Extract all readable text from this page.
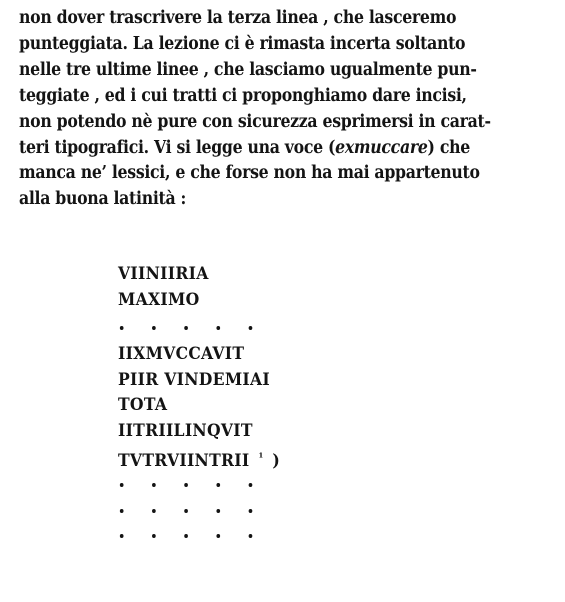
non dover trascrivere la terza linea , che lasceremo
punteggiata. La lezione ci è rimasta incerta soltanto
nelle tre ultime linee , che lasciamo ugualmente pun-
teggiate , ed i cui tratti ci proponghiamo dare incisi,
non potendo nè pure con sicurezza esprimersi in carat-
teri tipografici. Vi si legge una voce (exmuccare) che
manca ne’ lessici, e che forse non ha mai appartenuto
alla buona latinità :
VIINIIRIA
MAXIMO
IIXMVCCAVIT
PIIR VINDEMIAI
TOTA
IITRIILINQVIT
TVTRVIINTRII $^{^1}$ )
